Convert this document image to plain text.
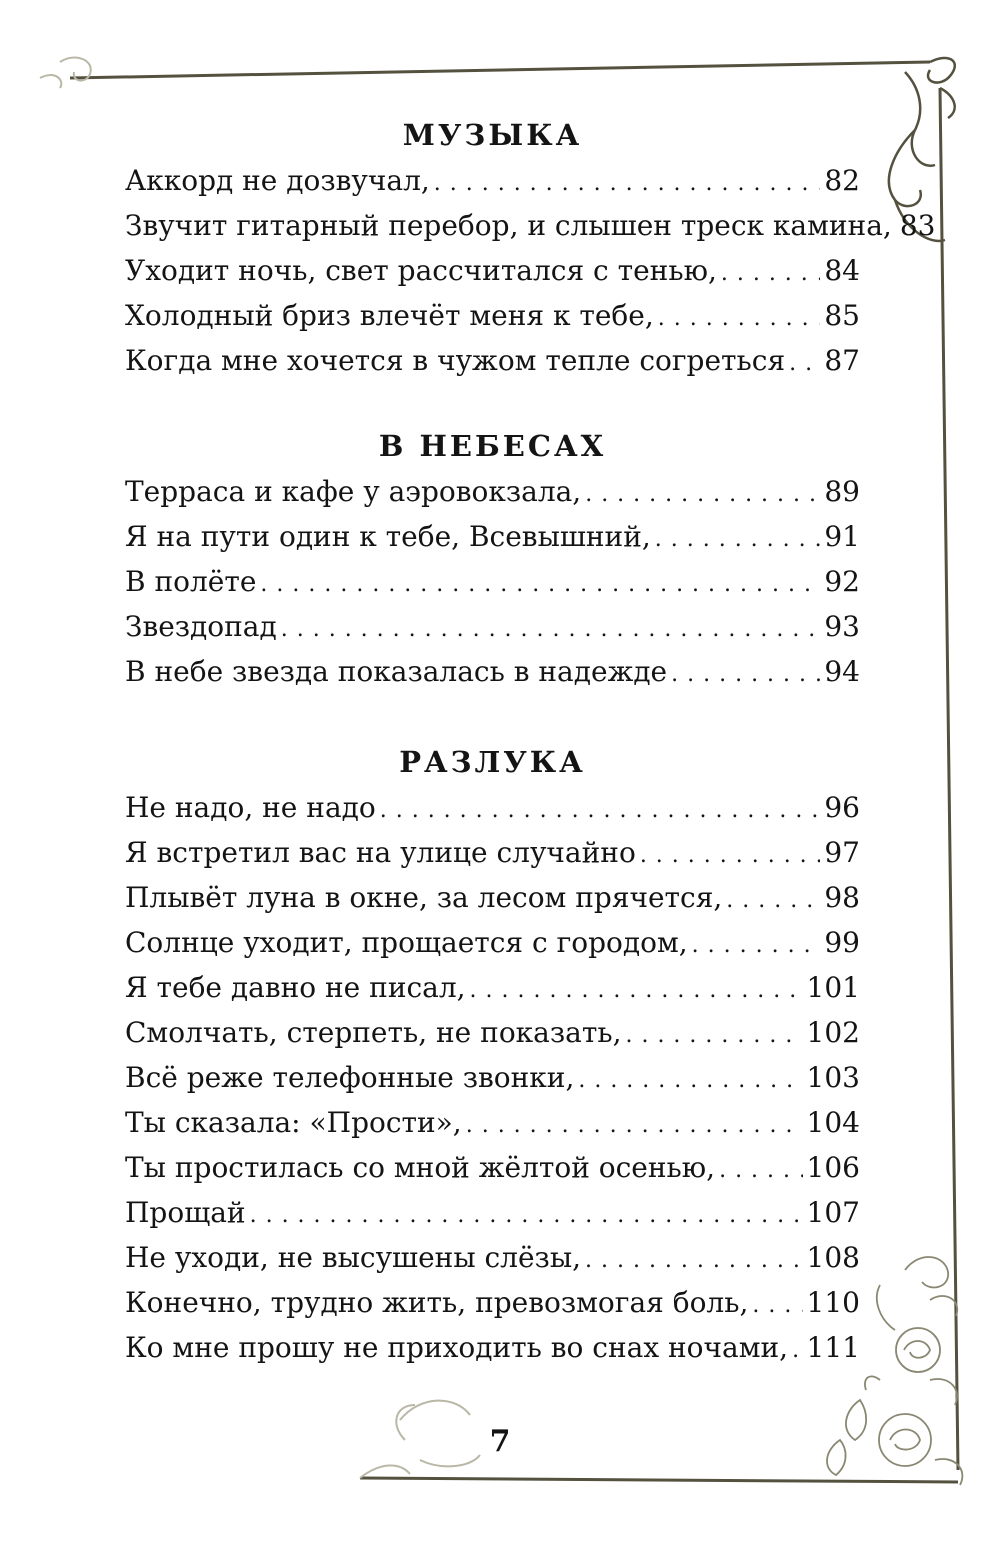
МУЗЫКА
Аккорд не дозвучал, . . .	82
Звучит гитарный перебор, и слышен треск камина, 83
Уходит ночь, свет рассчитался с тенью, . . .	84
Холодный бриз влечёт меня к тебе, . . .	85
Когда мне хочется в чужом тепле согреться . . . 87
В НЕБЕСАХ
Терраса и кафе у аэровокзала, . . .	89
Я на пути один к тебе, Всевышний, . . .	91
В полёте . . .	92
Звездопад . . .	93
В небе звезда показалась в надежде . . .	94
РАЗЛУКА
Не надо, не надо . . .	96
Я встретил вас на улице случайно . . .	97
Плывёт луна в окне, за лесом прячется, . . .	98
Солнце уходит, прощается с городом, . . .	99
Я тебе давно не писал, . . .	101
Смолчать, стерпеть, не показать, . . .	102
Всё реже телефонные звонки, . . .	103
Ты сказала: «Прости», . . .	104
Ты простилась со мной жёлтой осенью, . . .	106
Прощай . . .	107
Не уходи, не высушены слёзы, . . .	108
Конечно, трудно жить, превозмогая боль, . . . 110
Ко мне прошу не приходить во снах ночами, . . . 111
7
